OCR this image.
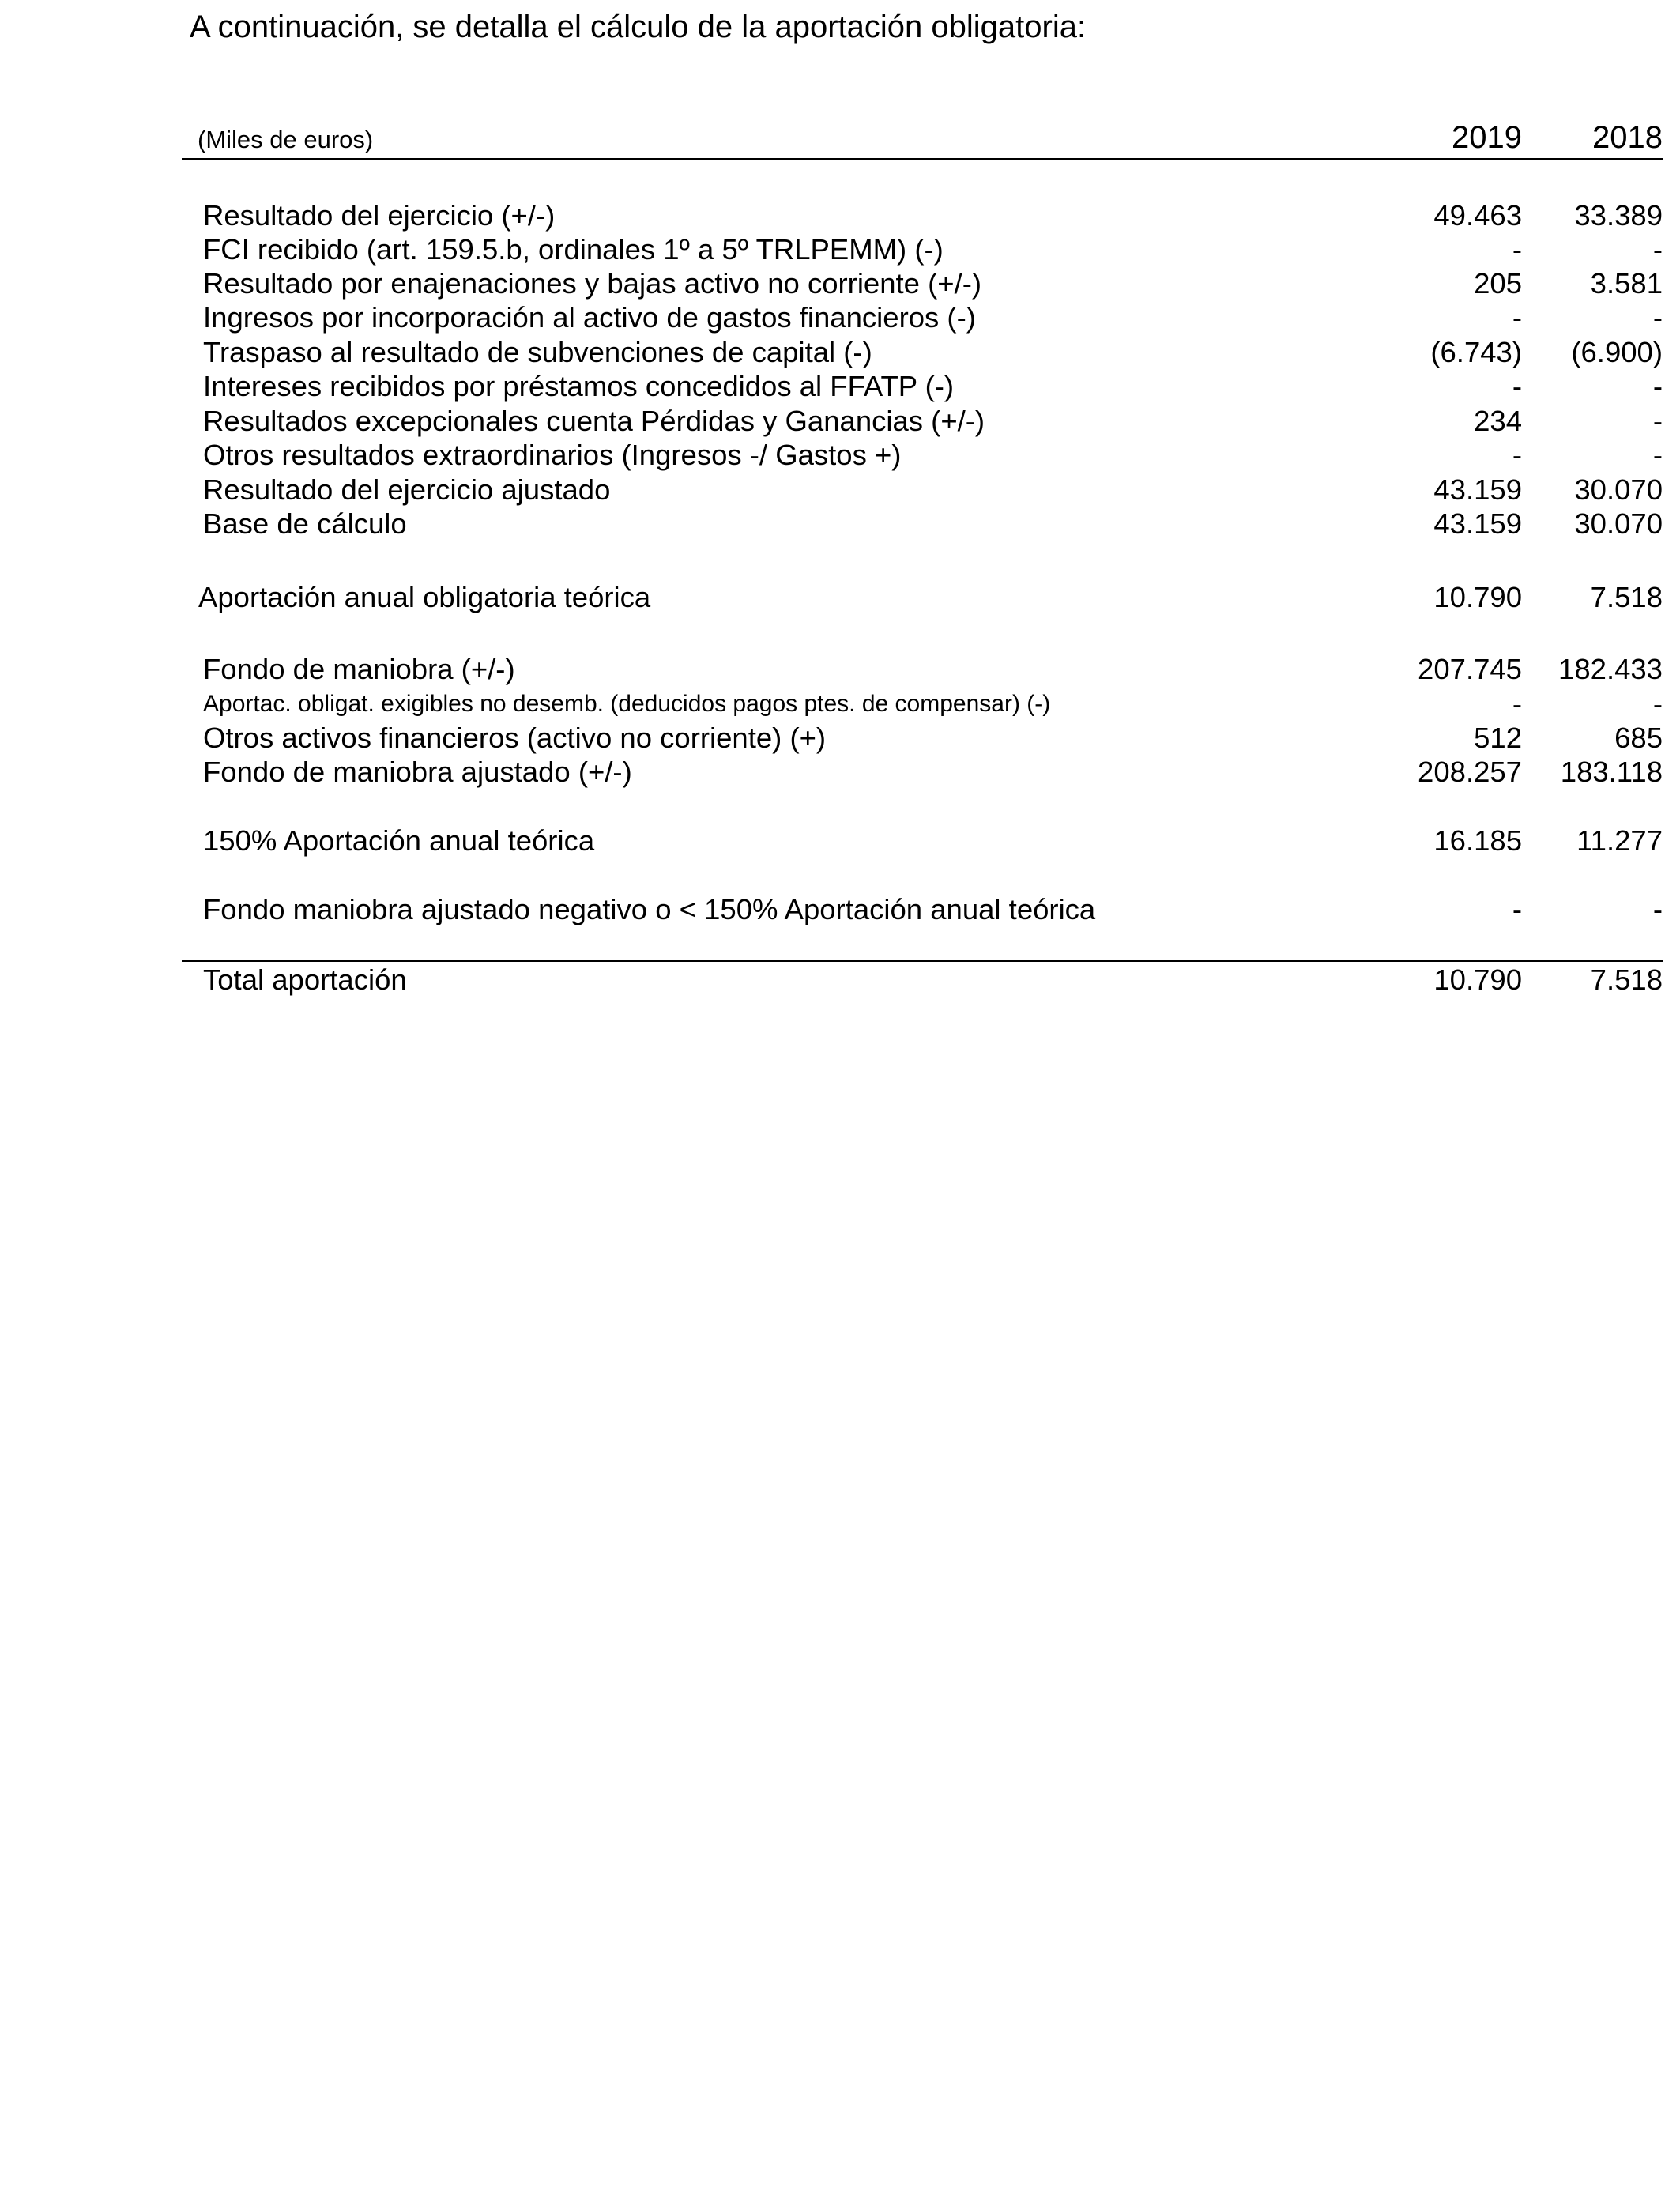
A continuación, se detalla el cálculo de la aportación obligatoria:
(Miles de euros)	2019	2018
Resultado del ejercicio (+/-)	49.463	33.389
FCI recibido (art. 159.5.b, ordinales 1º a 5º TRLPEMM) (-)	-	-
Resultado por enajenaciones y bajas activo no corriente (+/-)	205	3.581
Ingresos por incorporación al activo de gastos financieros (-)	-	-
Traspaso al resultado de subvenciones de capital (-)	(6.743)	(6.900)
Intereses recibidos por préstamos concedidos al FFATP (-)	-	-
Resultados excepcionales cuenta Pérdidas y Ganancias (+/-)	234	-
Otros resultados extraordinarios (Ingresos -/ Gastos +)	-	-
Resultado del ejercicio ajustado	43.159	30.070
Base de cálculo	43.159	30.070
Aportación anual obligatoria teórica	10.790	7.518
Fondo de maniobra (+/-)	207.745	182.433
Aportac. obligat. exigibles no desemb. (deducidos pagos ptes. de compensar) (-)	-	-
Otros activos financieros (activo no corriente) (+)	512	685
Fondo de maniobra ajustado (+/-)	208.257	183.118
150% Aportación anual teórica	16.185	11.277
Fondo maniobra ajustado negativo o < 150% Aportación anual teórica	-	-
Total aportación	10.790	7.518
